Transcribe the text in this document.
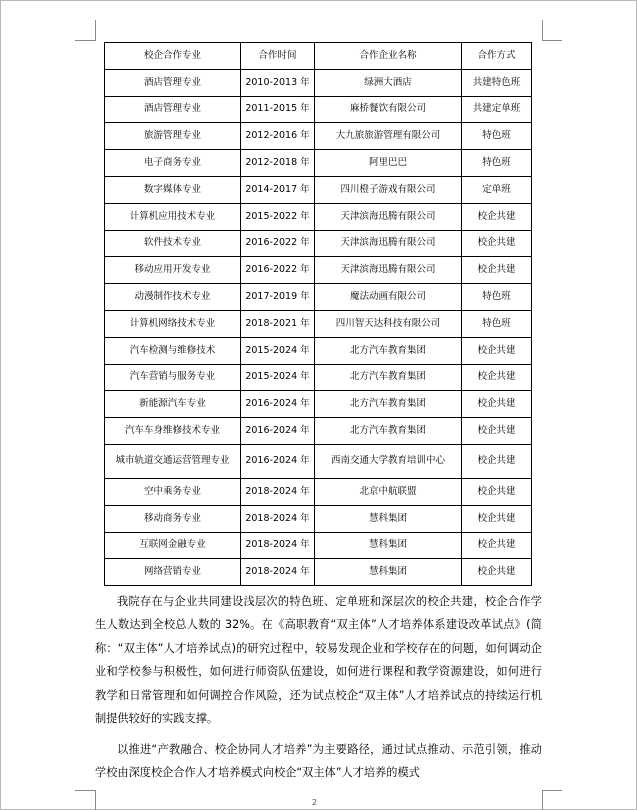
校企合作专业	合作时间	合作企业名称	合作方式
酒店管理专业	2010-2013 年	绿洲大酒店	共建特色班
酒店管理专业	2011-2015 年	麻桥餐饮有限公司	共建定单班
旅游管理专业	2012-2016 年	大九旅旅游管理有限公司	特色班
电子商务专业	2012-2018 年	阿里巴巴	特色班
数字媒体专业	2014-2017 年	四川橙子游戏有限公司	定单班
计算机应用技术专业	2015-2022 年	天津滨海迅腾有限公司	校企共建
软件技术专业	2016-2022 年	天津滨海迅腾有限公司	校企共建
移动应用开发专业	2016-2022 年	天津滨海迅腾有限公司	校企共建
动漫制作技术专业	2017-2019 年	魔法动画有限公司	特色班
计算机网络技术专业	2018-2021 年	四川智天达科技有限公司	特色班
汽车检测与维修技术	2015-2024 年	北方汽车教育集团	校企共建
汽车营销与服务专业	2015-2024 年	北方汽车教育集团	校企共建
新能源汽车专业	2016-2024 年	北方汽车教育集团	校企共建
汽车车身维修技术专业	2016-2024 年	北方汽车教育集团	校企共建
城市轨道交通运营管理专业	2016-2024 年	西南交通大学教育培训中心	校企共建
空中乘务专业	2018-2024 年	北京中航联盟	校企共建
移动商务专业	2018-2024 年	慧科集团	校企共建
互联网金融专业	2018-2024 年	慧科集团	校企共建
网络营销专业	2018-2024 年	慧科集团	校企共建

我院存在与企业共同建设浅层次的特色班、定单班和深层次的校企共建，校企合作学生人数达到全校总人数的 32%。在《高职教育“双主体”人才培养体系建设改革试点》(简称：“双主体”人才培养试点)的研究过程中，较易发现企业和学校存在的问题，如何调动企业和学校参与积极性，如何进行师资队伍建设，如何进行课程和教学资源建设，如何进行教学和日常管理和如何调控合作风险，还为试点校企“双主体”人才培养试点的持续运行机制提供较好的实践支撑。

以推进“产教融合、校企协同人才培养”为主要路径，通过试点推动、示范引领，推动学校由深度校企合作人才培养模式向校企“双主体”人才培养的模式

2
